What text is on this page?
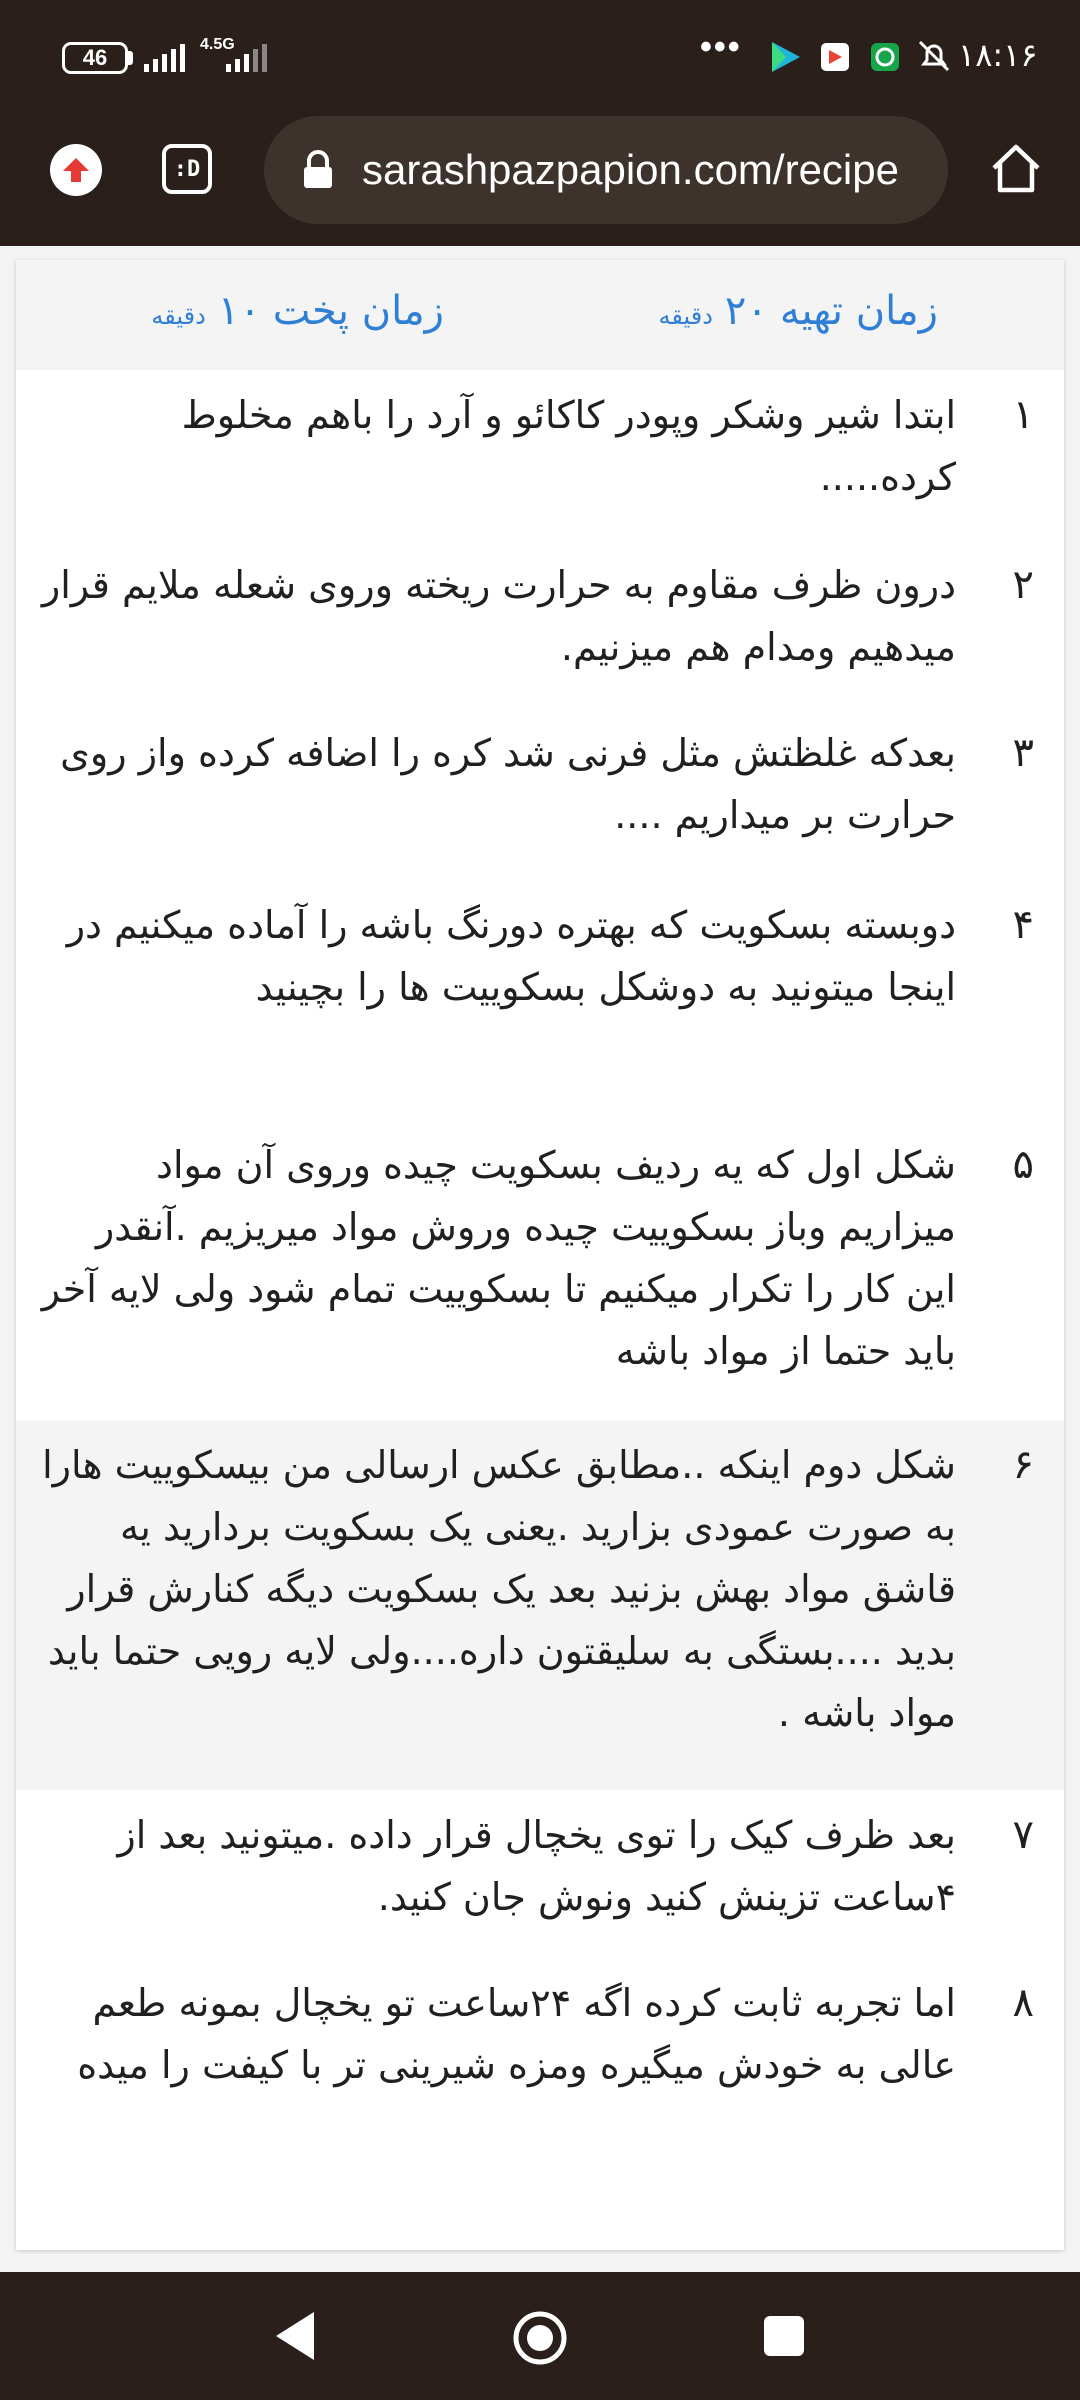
46
4.5G	•••	۱۸:۱۶
:D	sarashpazpapion.com/recipe
زمان تهیه
۲۰
دقیقه
زمان پخت
۱۰
دقیقه
۱
ابتدا شیر وشکر وپودر کاکائو و آرد را باهم مخلوط کرده.....
۲
درون ظرف مقاوم به حرارت ریخته وروی شعله ملایم قرار میدهیم ومدام هم میزنیم.
۳
بعدکه غلظتش مثل فرنی شد کره را اضافه کرده واز روی حرارت بر میداریم ....
۴
دوبسته بسکویت که بهتره دورنگ باشه را آماده میکنیم در اینجا میتونید به دوشکل بسکوییت ها را بچینید
۵
شکل اول که یه ردیف بسکویت چیده وروی آن مواد میزاریم وباز بسکوییت چیده وروش مواد میریزیم .آنقدر این کار را تکرار میکنیم تا بسکوییت تمام شود ولی لایه آخر باید حتما از مواد باشه
۶
شکل دوم اینکه ..مطابق عکس ارسالی من بیسکوییت هارا به صورت عمودی بزارید .یعنی یک بسکویت بردارید یه قاشق مواد بهش بزنید بعد یک بسکویت دیگه کنارش قرار بدید ....بستگی به سلیقتون داره....ولی لایه رویی حتما باید مواد باشه .
۷
بعد ظرف کیک را توی یخچال قرار داده .میتونید بعد از ۴ساعت تزینش کنید ونوش جان کنید.
۸
اما تجربه ثابت کرده اگه ۲۴ساعت تو یخچال بمونه طعم عالی به خودش میگیره ومزه شیرینی تر با کیفت را میده
